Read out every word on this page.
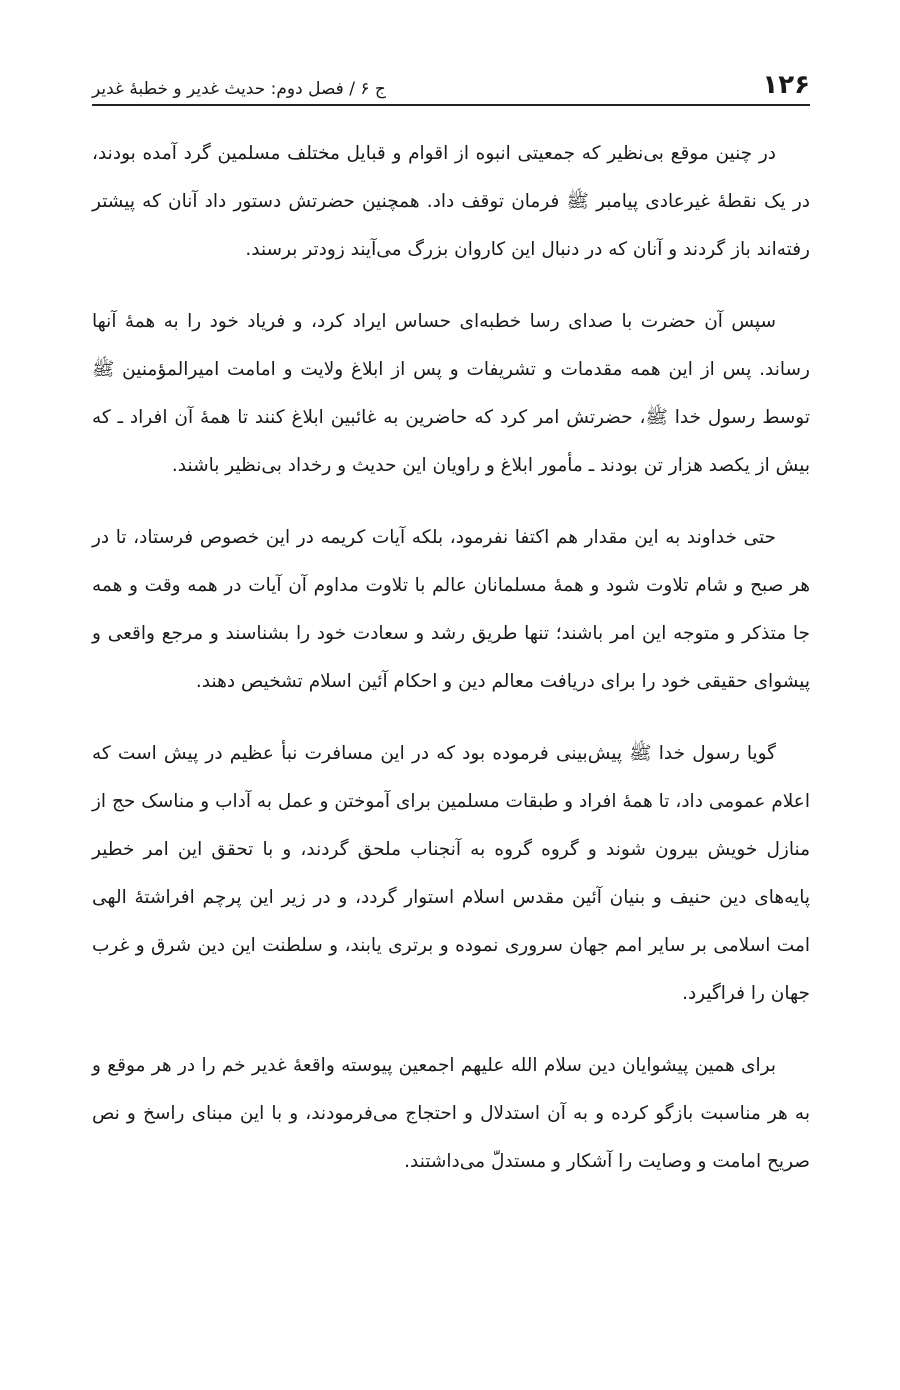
۱۲۶
ج ۶ / فصل دوم: حدیث غدیر و خطبهٔ غدیر

در چنین موقع بی‌نظیر که جمعیتی انبوه از اقوام و قبایل مختلف مسلمین گرد آمده بودند، در یک نقطهٔ غیرعادی پیامبر ﷺ فرمان توقف داد. همچنین حضرتش دستور داد آنان که پیشتر رفته‌اند باز گردند و آنان که در دنبال این کاروان بزرگ می‌آیند زودتر برسند.

سپس آن حضرت با صدای رسا خطبه‌ای حساس ایراد کرد، و فریاد خود را به همهٔ آنها رساند. پس از این همه مقدمات و تشریفات و پس از ابلاغ ولایت و امامت امیرالمؤمنین ﷺ توسط رسول خدا ﷺ، حضرتش امر کرد که حاضرین به غائبین ابلاغ کنند تا همهٔ آن افراد ـ که بیش از یکصد هزار تن بودند ـ مأمور ابلاغ و راویان این حدیث و رخداد بی‌نظیر باشند.

حتی خداوند به این مقدار هم اکتفا نفرمود، بلکه آیات کریمه در این خصوص فرستاد، تا در هر صبح و شام تلاوت شود و همهٔ مسلمانان عالم با تلاوت مداوم آن آیات در همه وقت و همه جا متذکر و متوجه این امر باشند؛ تنها طریق رشد و سعادت خود را بشناسند و مرجع واقعی و پیشوای حقیقی خود را برای دریافت معالم دین و احکام آئین اسلام تشخیص دهند.

گویا رسول خدا ﷺ پیش‌بینی فرموده بود که در این مسافرت نبأ عظیم در پیش است که اعلام عمومی داد، تا همهٔ افراد و طبقات مسلمین برای آموختن و عمل به آداب و مناسک حج از منازل خویش بیرون شوند و گروه گروه به آنجناب ملحق گردند، و با تحقق این امر خطیر پایه‌های دین حنیف و بنیان آئین مقدس اسلام استوار گردد، و در زیر این پرچم افراشتهٔ الهی امت اسلامی بر سایر امم جهان سروری نموده و برتری یابند، و سلطنت این دین شرق و غرب جهان را فراگیرد.

برای همین پیشوایان دین سلام الله علیهم اجمعین پیوسته واقعهٔ غدیر خم را در هر موقع و به هر مناسبت بازگو کرده و به آن استدلال و احتجاج می‌فرمودند، و با این مبنای راسخ و نص صریح امامت و وصایت را آشکار و مستدلّ می‌داشتند.
